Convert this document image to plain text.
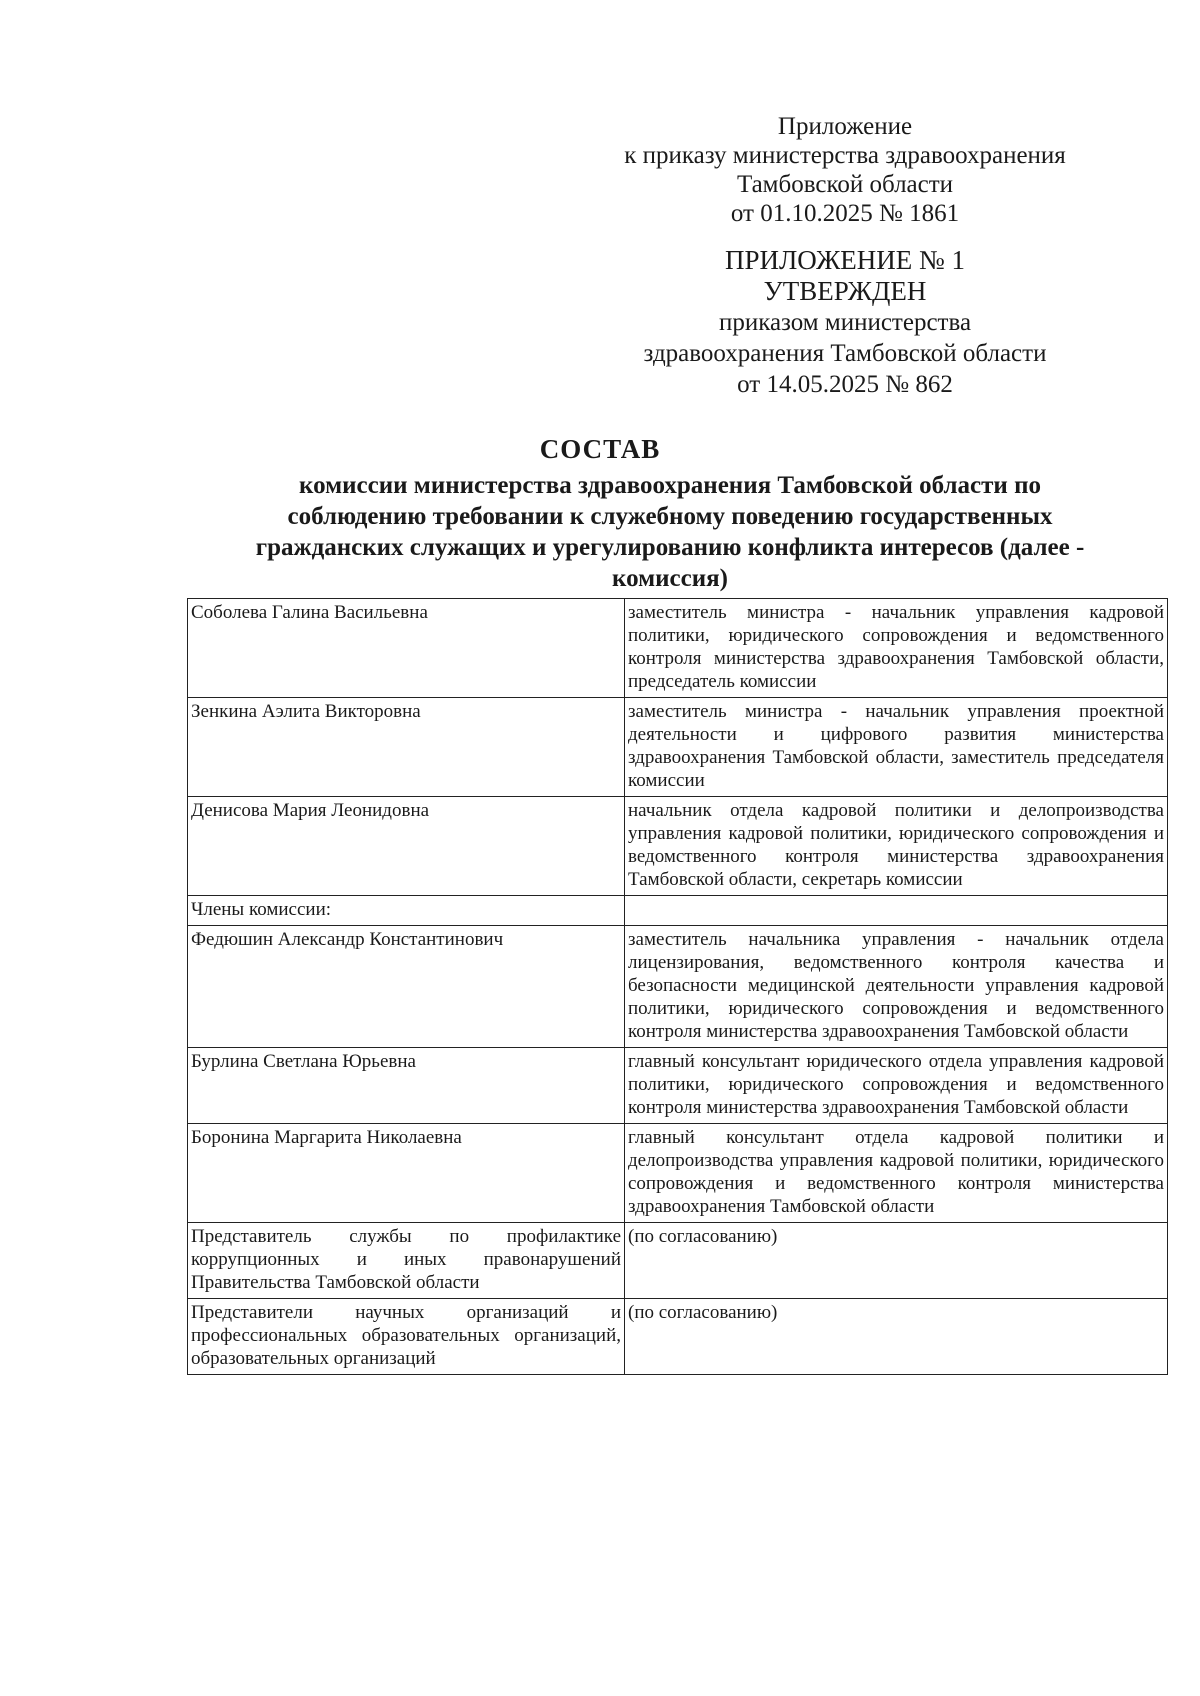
Приложение
к приказу министерства здравоохранения
Тамбовской области
от 01.10.2025 № 1861
ПРИЛОЖЕНИЕ № 1
УТВЕРЖДЕН
приказом министерства
здравоохранения Тамбовской области
от 14.05.2025 № 862
СОСТАВ
комиссии министерства здравоохранения Тамбовской области по
соблюдению требовании к служебному поведению государственных
гражданских служащих и урегулированию конфликта интересов (далее -
комиссия)
Соболева Галина Васильевна	заместитель министра - начальник управления кадровой политики, юридического сопровождения и ведомственного контроля министерства здравоохранения Тамбовской области, председатель комиссии
Зенкина Аэлита Викторовна	заместитель министра - начальник управления проектной деятельности и цифрового развития министерства здравоохранения Тамбовской области, заместитель председателя комиссии
Денисова Мария Леонидовна	начальник отдела кадровой политики и делопроизводства управления кадровой политики, юридического сопровождения и ведомственного контроля министерства здравоохранения Тамбовской области, секретарь комиссии
Члены комиссии:	
Федюшин Александр Константинович	заместитель начальника управления - начальник отдела лицензирования, ведомственного контроля качества и безопасности медицинской деятельности управления кадровой политики, юридического сопровождения и ведомственного контроля министерства здравоохранения Тамбовской области
Бурлина Светлана Юрьевна	главный консультант юридического отдела управления кадровой политики, юридического сопровождения и ведомственного контроля министерства здравоохранения Тамбовской области
Боронина Маргарита Николаевна	главный консультант отдела кадровой политики и делопроизводства управления кадровой политики, юридического сопровождения и ведомственного контроля министерства здравоохранения Тамбовской области
Представитель службы по профилактике коррупционных и иных правонарушений Правительства Тамбовской области	(по согласованию)
Представители научных организаций и профессиональных образовательных организаций, образовательных организаций	(по согласованию)
